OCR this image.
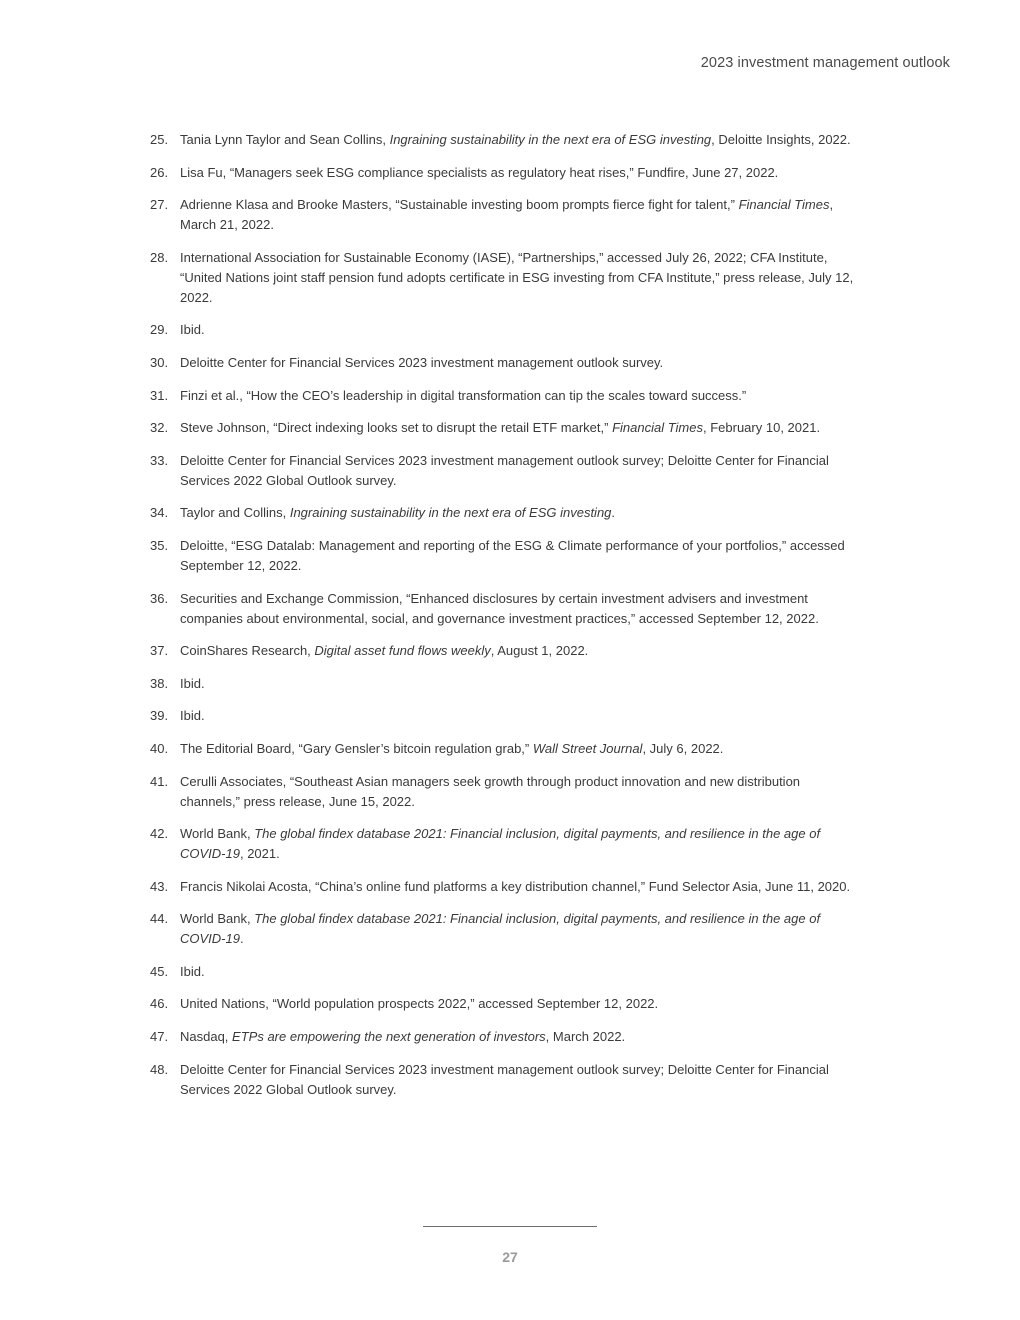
2023 investment management outlook
25. Tania Lynn Taylor and Sean Collins, Ingraining sustainability in the next era of ESG investing, Deloitte Insights, 2022.
26. Lisa Fu, “Managers seek ESG compliance specialists as regulatory heat rises,” Fundfire, June 27, 2022.
27. Adrienne Klasa and Brooke Masters, “Sustainable investing boom prompts fierce fight for talent,” Financial Times, March 21, 2022.
28. International Association for Sustainable Economy (IASE), “Partnerships,” accessed July 26, 2022; CFA Institute, “United Nations joint staff pension fund adopts certificate in ESG investing from CFA Institute,” press release, July 12, 2022.
29. Ibid.
30. Deloitte Center for Financial Services 2023 investment management outlook survey.
31. Finzi et al., “How the CEO’s leadership in digital transformation can tip the scales toward success.”
32. Steve Johnson, “Direct indexing looks set to disrupt the retail ETF market,” Financial Times, February 10, 2021.
33. Deloitte Center for Financial Services 2023 investment management outlook survey; Deloitte Center for Financial Services 2022 Global Outlook survey.
34. Taylor and Collins, Ingraining sustainability in the next era of ESG investing.
35. Deloitte, “ESG Datalab: Management and reporting of the ESG & Climate performance of your portfolios,” accessed September 12, 2022.
36. Securities and Exchange Commission, “Enhanced disclosures by certain investment advisers and investment companies about environmental, social, and governance investment practices,” accessed September 12, 2022.
37. CoinShares Research, Digital asset fund flows weekly, August 1, 2022.
38. Ibid.
39. Ibid.
40. The Editorial Board, “Gary Gensler’s bitcoin regulation grab,” Wall Street Journal, July 6, 2022.
41. Cerulli Associates, “Southeast Asian managers seek growth through product innovation and new distribution channels,” press release, June 15, 2022.
42. World Bank, The global findex database 2021: Financial inclusion, digital payments, and resilience in the age of COVID-19, 2021.
43. Francis Nikolai Acosta, “China’s online fund platforms a key distribution channel,” Fund Selector Asia, June 11, 2020.
44. World Bank, The global findex database 2021: Financial inclusion, digital payments, and resilience in the age of COVID-19.
45. Ibid.
46. United Nations, “World population prospects 2022,” accessed September 12, 2022.
47. Nasdaq, ETPs are empowering the next generation of investors, March 2022.
48. Deloitte Center for Financial Services 2023 investment management outlook survey; Deloitte Center for Financial Services 2022 Global Outlook survey.
27
